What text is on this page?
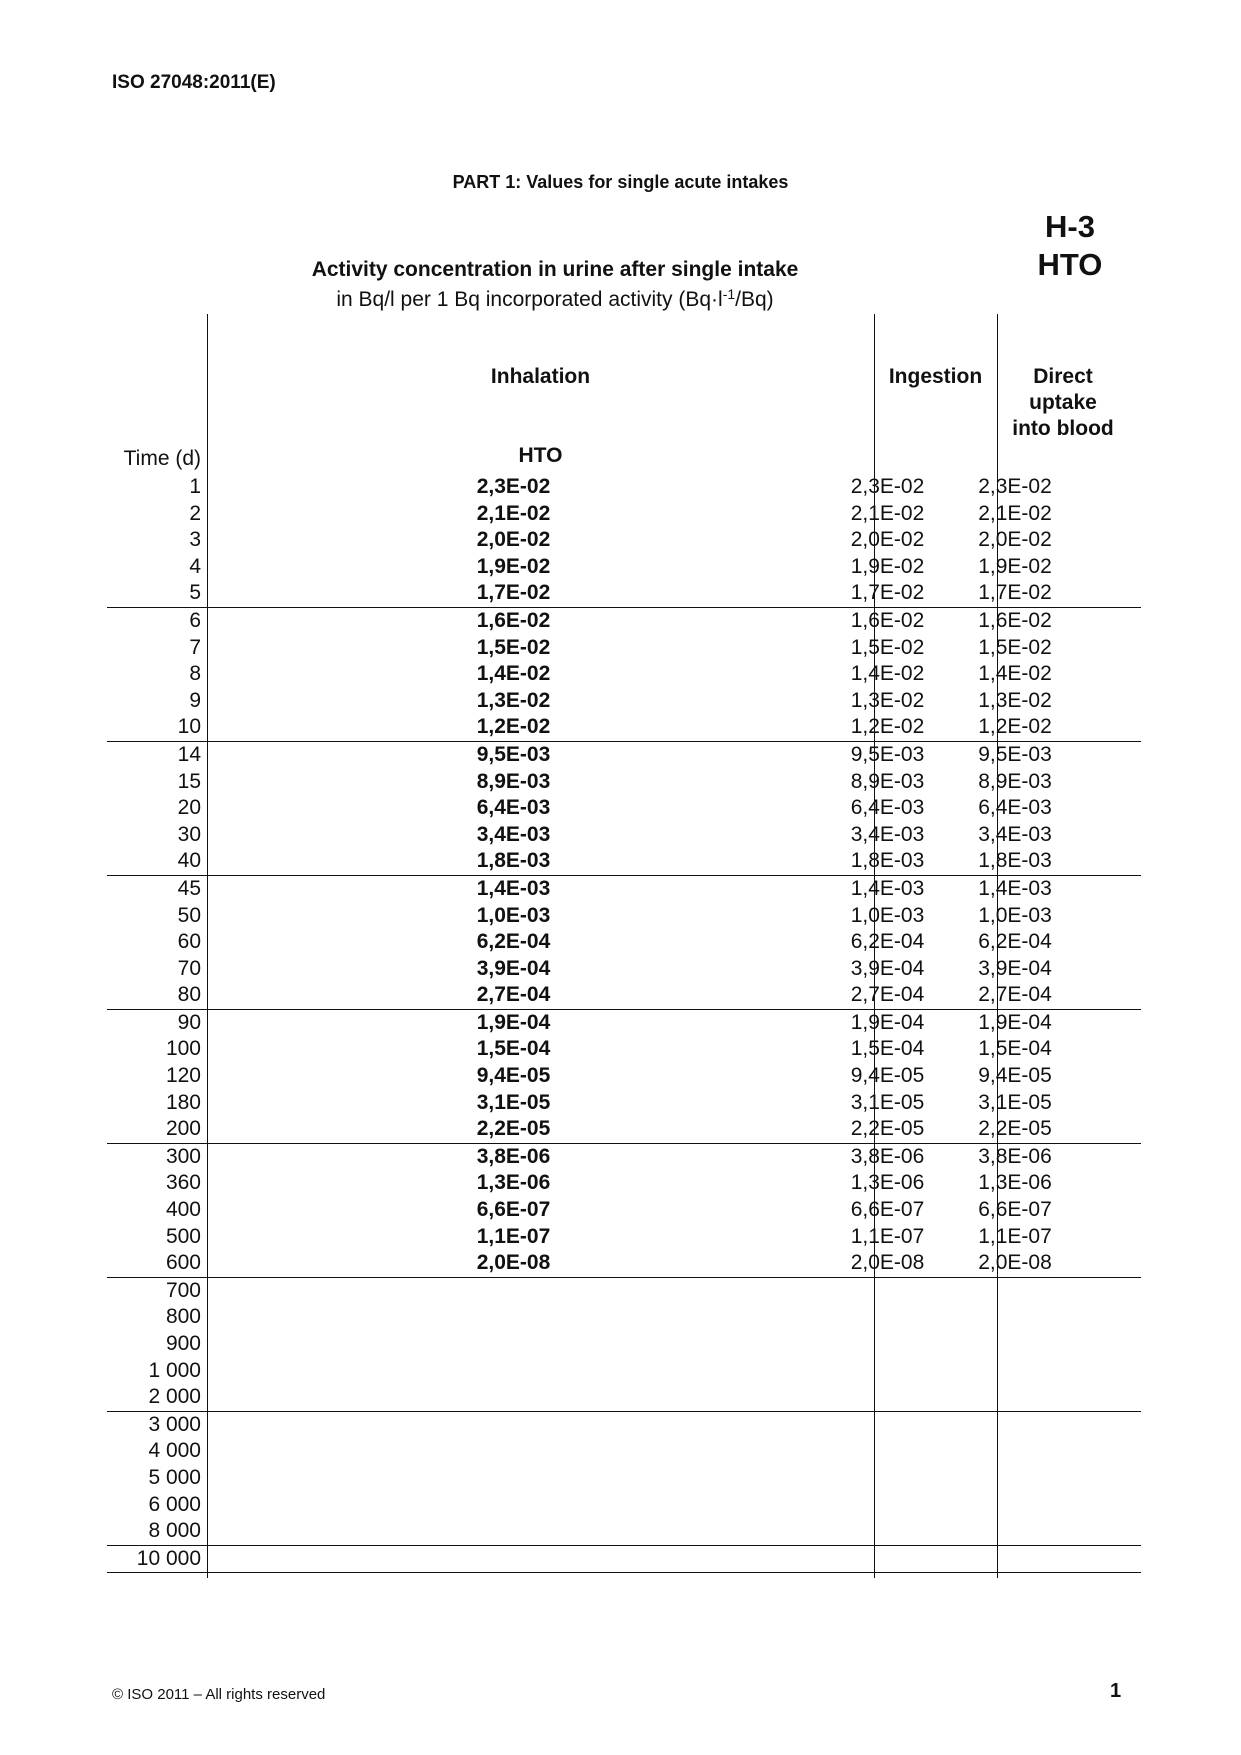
ISO 27048:2011(E)
PART 1: Values for single acute intakes
H-3
HTO
Activity concentration in urine after single intake
in Bq/l per 1 Bq incorporated activity $(Bq\cdot l^{-1}/Bq)$
Inhalation	Ingestion	Direct
uptake
into blood
Time (d)	HTO
1	2,3E-02	2,3E-02	2,3E-02
2	2,1E-02	2,1E-02	2,1E-02
3	2,0E-02	2,0E-02	2,0E-02
4	1,9E-02	1,9E-02	1,9E-02
5	1,7E-02	1,7E-02	1,7E-02
6	1,6E-02	1,6E-02	1,6E-02
7	1,5E-02	1,5E-02	1,5E-02
8	1,4E-02	1,4E-02	1,4E-02
9	1,3E-02	1,3E-02	1,3E-02
10	1,2E-02	1,2E-02	1,2E-02
14	9,5E-03	9,5E-03	9,5E-03
15	8,9E-03	8,9E-03	8,9E-03
20	6,4E-03	6,4E-03	6,4E-03
30	3,4E-03	3,4E-03	3,4E-03
40	1,8E-03	1,8E-03	1,8E-03
45	1,4E-03	1,4E-03	1,4E-03
50	1,0E-03	1,0E-03	1,0E-03
60	6,2E-04	6,2E-04	6,2E-04
70	3,9E-04	3,9E-04	3,9E-04
80	2,7E-04	2,7E-04	2,7E-04
90	1,9E-04	1,9E-04	1,9E-04
100	1,5E-04	1,5E-04	1,5E-04
120	9,4E-05	9,4E-05	9,4E-05
180	3,1E-05	3,1E-05	3,1E-05
200	2,2E-05	2,2E-05	2,2E-05
300	3,8E-06	3,8E-06	3,8E-06
360	1,3E-06	1,3E-06	1,3E-06
400	6,6E-07	6,6E-07	6,6E-07
500	1,1E-07	1,1E-07	1,1E-07
600	2,0E-08	2,0E-08	2,0E-08
700
800
900
1 000
2 000
3 000
4 000
5 000
6 000
8 000
10 000
© ISO 2011 – All rights reserved	1
